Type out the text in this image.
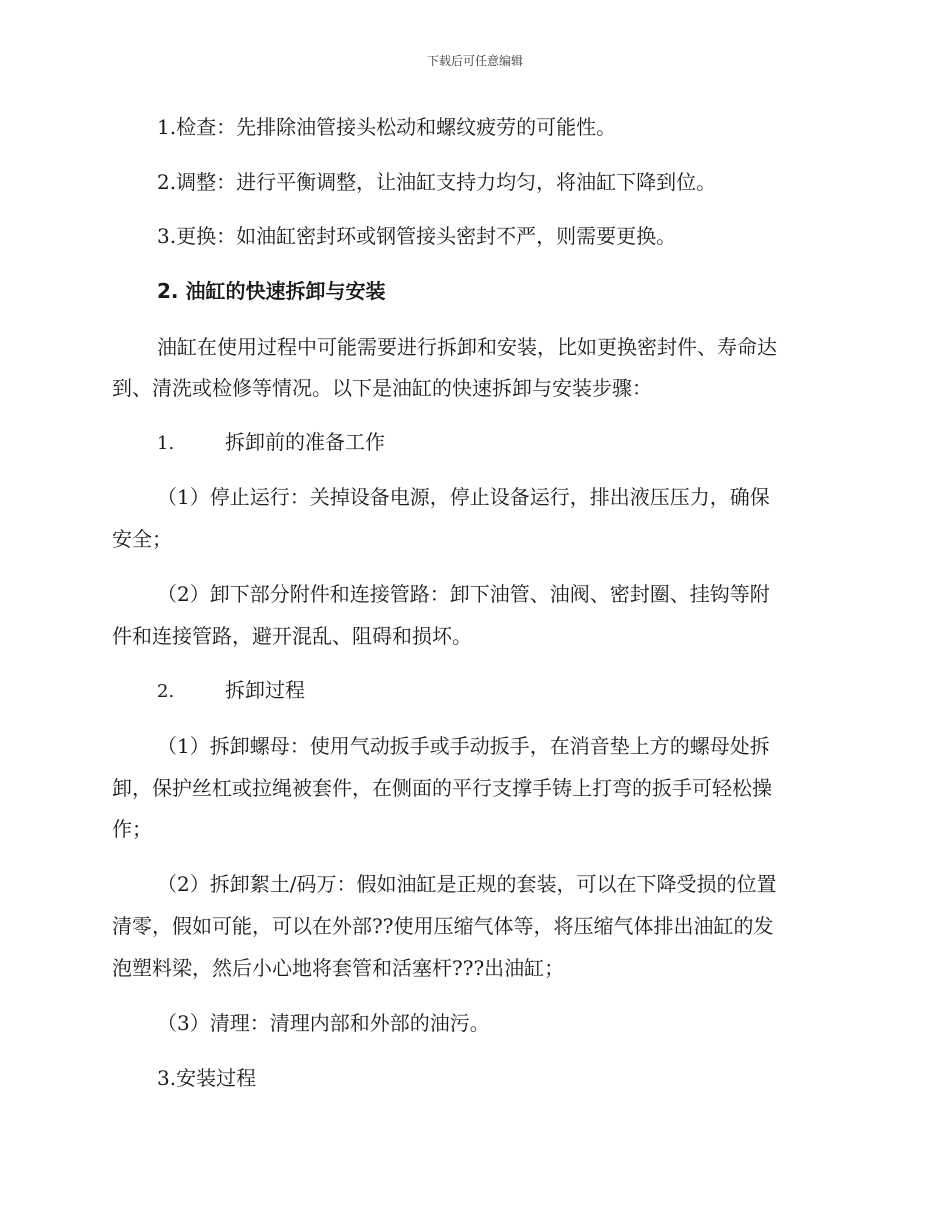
下载后可任意编辑
1.检查：先排除油管接头松动和螺纹疲劳的可能性。
2.调整：进行平衡调整，让油缸支持力均匀，将油缸下降到位。
3.更换：如油缸密封环或钢管接头密封不严，则需要更换。
2. 油缸的快速拆卸与安装
油缸在使用过程中可能需要进行拆卸和安装，比如更换密封件、寿命达
到、清洗或检修等情况。以下是油缸的快速拆卸与安装步骤：
1.	拆卸前的准备工作
（1）停止运行：关掉设备电源，停止设备运行，排出液压压力，确保
安全；
（2）卸下部分附件和连接管路：卸下油管、油阀、密封圈、挂钩等附
件和连接管路，避开混乱、阻碍和损坏。
2.	拆卸过程
（1）拆卸螺母：使用气动扳手或手动扳手，在消音垫上方的螺母处拆
卸，保护丝杠或拉绳被套件，在侧面的平行支撑手铸上打弯的扳手可轻松操
作；
（2）拆卸絮土/码万：假如油缸是正规的套装，可以在下降受损的位置
清零，假如可能，可以在外部??使用压缩气体等，将压缩气体排出油缸的发
泡塑料梁，然后小心地将套管和活塞杆???出油缸；
（3）清理：清理内部和外部的油污。
3.安装过程
